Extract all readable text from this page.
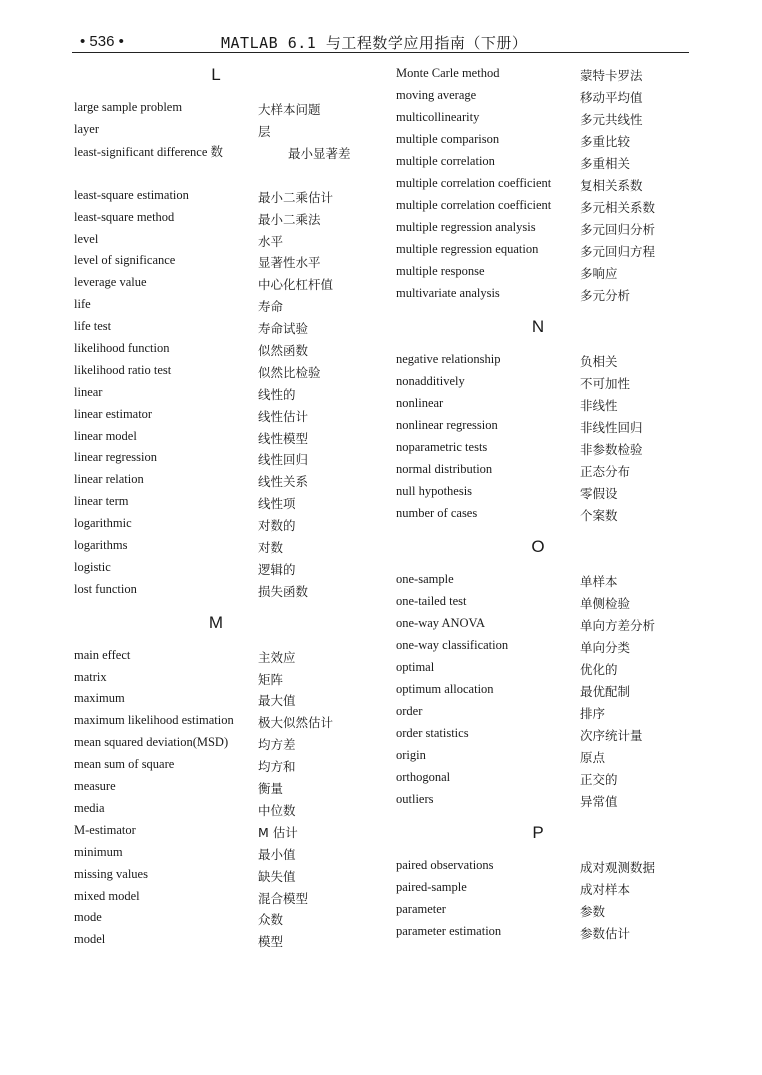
• 536 •	MATLAB 6.1 与工程数学应用指南（下册）
L
large sample problem	大样本问题
layer	层
least-significant difference 数	最小显著差
least-square estimation	最小二乘估计
least-square method	最小二乘法
level	水平
level of significance	显著性水平
leverage value	中心化杠杆值
life	寿命
life test	寿命试验
likelihood function	似然函数
likelihood ratio test	似然比检验
linear	线性的
linear estimator	线性估计
linear model	线性模型
linear regression	线性回归
linear relation	线性关系
linear term	线性项
logarithmic	对数的
logarithms	对数
logistic	逻辑的
lost function	损失函数
M
main effect	主效应
matrix	矩阵
maximum	最大值
maximum likelihood estimation 极大似然估计
mean squared deviation(MSD) 均方差
mean sum of square	均方和
measure	衡量
media	中位数
M-estimator	M 估计
minimum	最小值
missing values	缺失值
mixed model	混合模型
mode	众数
model	模型
Monte Carle method	蒙特卡罗法
moving average	移动平均值
multicollinearity	多元共线性
multiple comparison	多重比较
multiple correlation	多重相关
multiple correlation coefficient 复相关系数
multiple correlation coefficient 多元相关系数
multiple regression analysis	多元回归分析
multiple regression equation	多元回归方程
multiple response	多响应
multivariate analysis	多元分析
N
negative relationship	负相关
nonadditively	不可加性
nonlinear	非线性
nonlinear regression	非线性回归
noparametric tests	非参数检验
normal distribution	正态分布
null hypothesis	零假设
number of cases	个案数
O
one-sample	单样本
one-tailed test	单侧检验
one-way ANOVA	单向方差分析
one-way classification	单向分类
optimal	优化的
optimum allocation	最优配制
order	排序
order statistics	次序统计量
origin	原点
orthogonal	正交的
outliers	异常值
P
paired observations	成对观测数据
paired-sample	成对样本
parameter	参数
parameter estimation	参数估计
